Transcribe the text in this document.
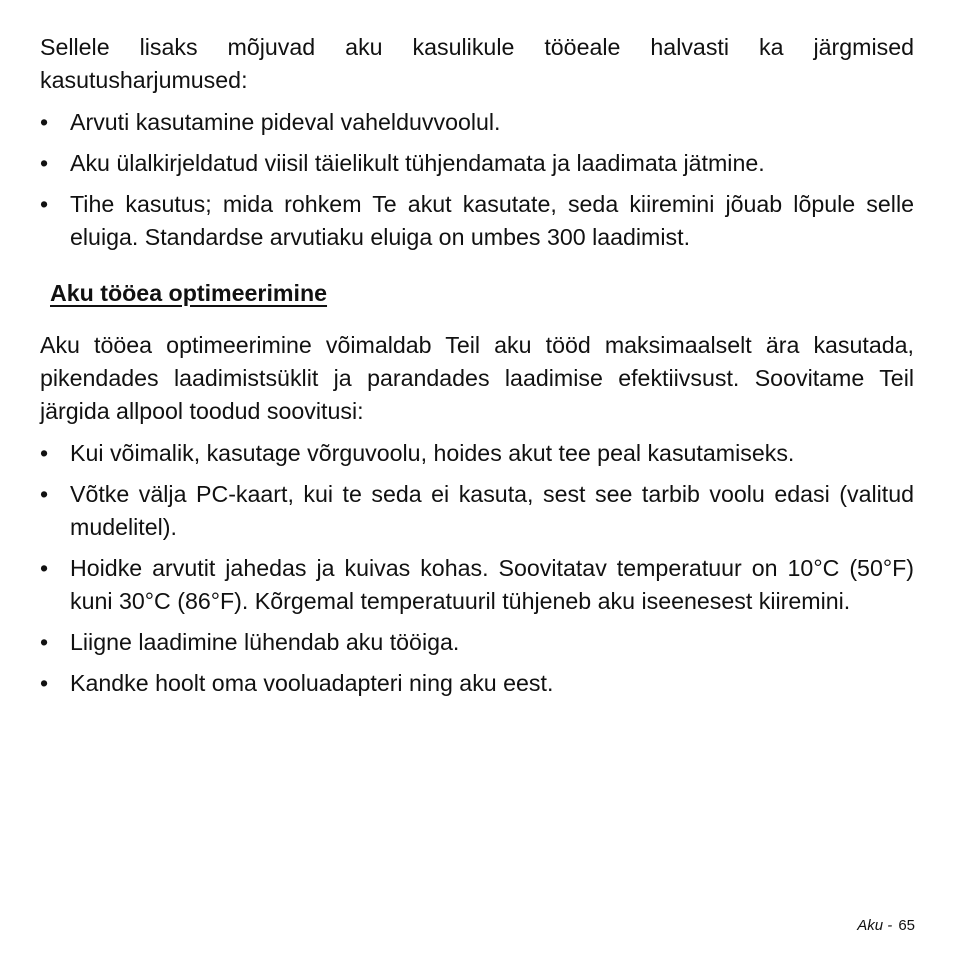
Sellele lisaks mõjuvad aku kasulikule tööeale halvasti ka järgmised kasutusharjumused:

• Arvuti kasutamine pideval vahelduvvoolul.
• Aku ülalkirjeldatud viisil täielikult tühjendamata ja laadimata jätmine.
• Tihe kasutus; mida rohkem Te akut kasutate, seda kiiremini jõuab lõpule selle eluiga. Standardse arvutiaku eluiga on umbes 300 laadimist.
Aku tööea optimeerimine

Aku tööea optimeerimine võimaldab Teil aku tööd maksimaalselt ära kasutada, pikendades laadimistsüklit ja parandades laadimise efektiivsust. Soovitame Teil järgida allpool toodud soovitusi:

• Kui võimalik, kasutage võrguvoolu, hoides akut tee peal kasutamiseks.
• Võtke välja PC-kaart, kui te seda ei kasuta, sest see tarbib voolu edasi (valitud mudelitel).
• Hoidke arvutit jahedas ja kuivas kohas. Soovitatav temperatuur on 10°C (50°F) kuni 30°C (86°F). Kõrgemal temperatuuril tühjeneb aku iseenesest kiiremini.
• Liigne laadimine lühendab aku tööiga.
• Kandke hoolt oma vooluadapteri ning aku eest.
Aku - 65
